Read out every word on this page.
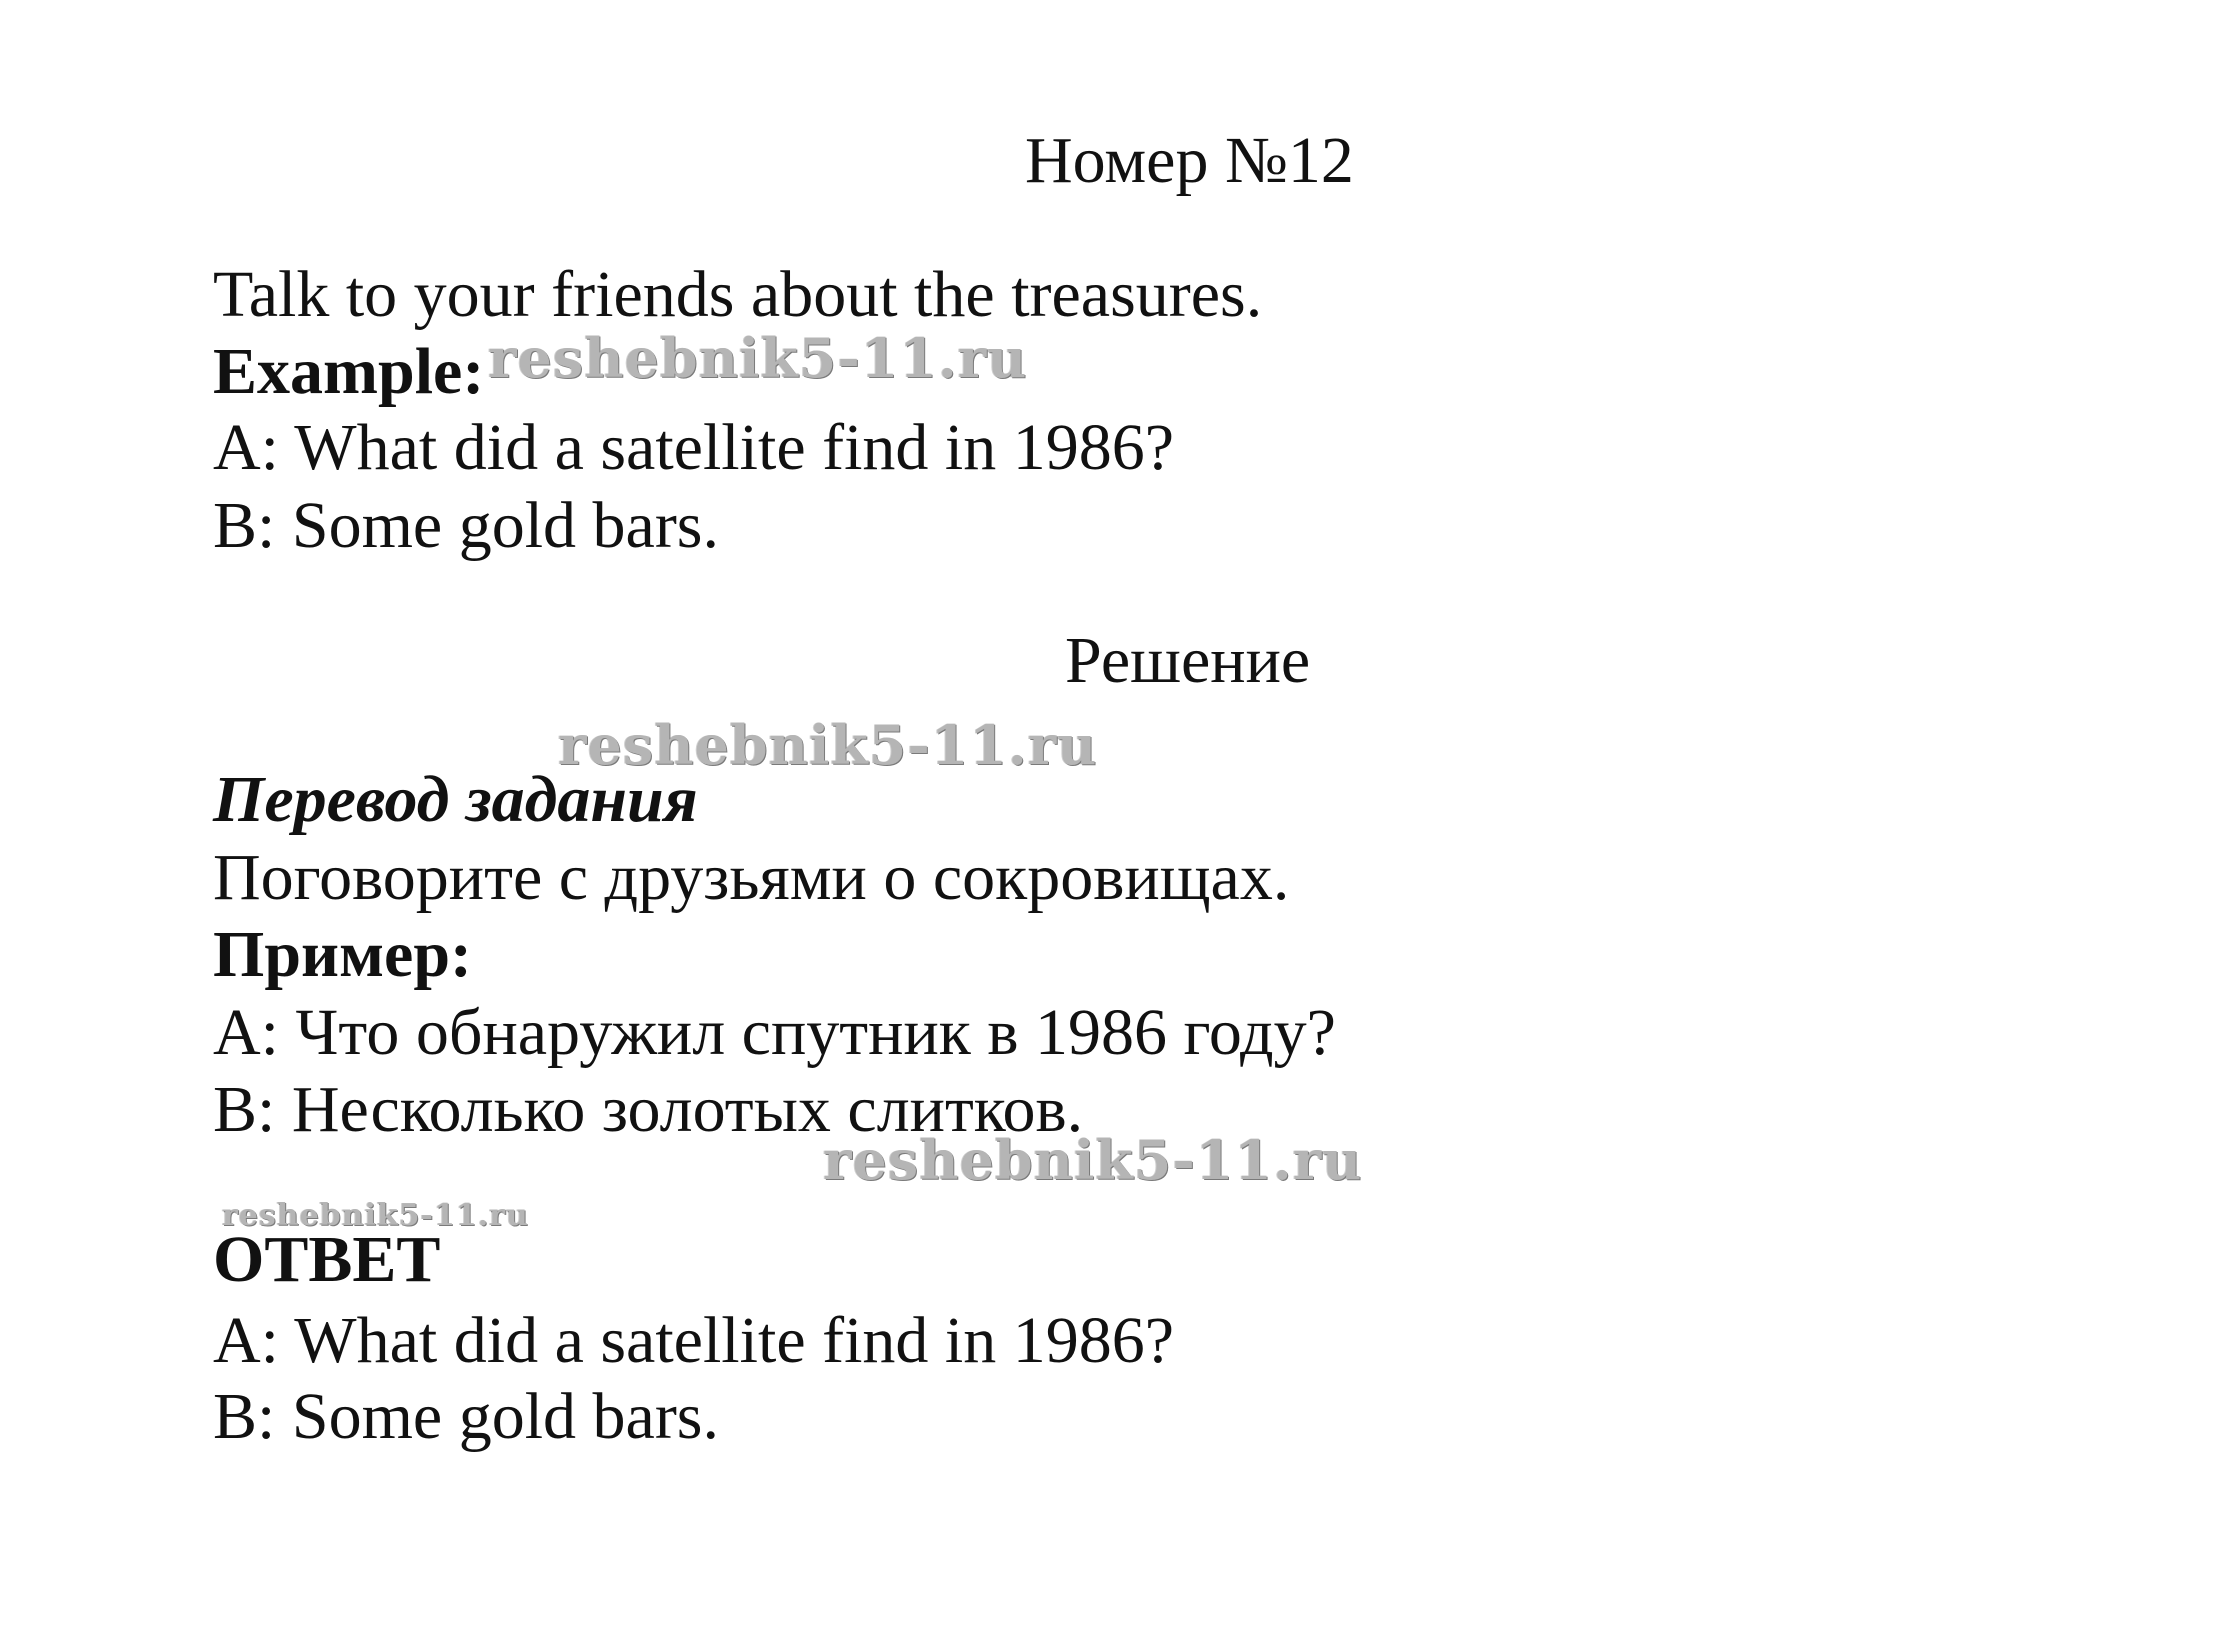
Номер №12
Talk to your friends about the treasures.
Example: reshebnik5-11.ru
A: What did a satellite find in 1986?
B: Some gold bars.
Решение
reshebnik5-11.ru
Перевод задания
Поговорите с друзьями о сокровищах.
Пример:
A: Что обнаружил спутник в 1986 году?
B: Несколько золотых слитков.
reshebnik5-11.ru
reshebnik5-11.ru
ОТВЕТ
A: What did a satellite find in 1986?
B: Some gold bars.
